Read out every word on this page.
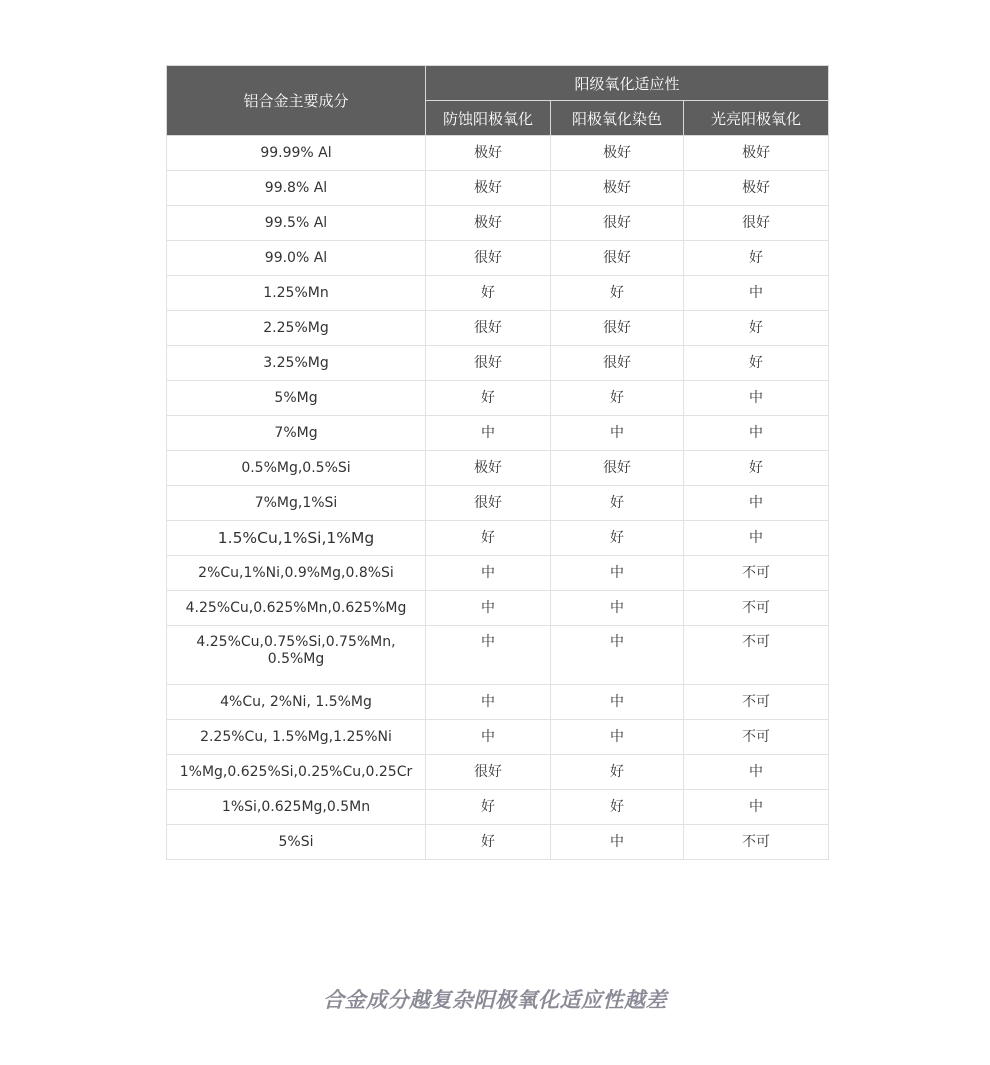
铝合金主要成分	阳级氧化适应性		
	防蚀阳极氧化	阳极氧化染色	光亮阳极氧化
99.99% Al	极好	极好	极好
99.8% Al	极好	极好	极好
99.5% Al	极好	很好	很好
99.0% Al	很好	很好	好
1.25%Mn	好	好	中
2.25%Mg	很好	很好	好
3.25%Mg	很好	很好	好
5%Mg	好	好	中
7%Mg	中	中	中
0.5%Mg,0.5%Si	极好	很好	好
7%Mg,1%Si	很好	好	中
1.5%Cu,1%Si,1%Mg	好	好	中
2%Cu,1%Ni,0.9%Mg,0.8%Si	中	中	不可
4.25%Cu,0.625%Mn,0.625%Mg	中	中	不可
4.25%Cu,0.75%Si,0.75%Mn,
0.5%Mg	中	中	不可
4%Cu, 2%Ni, 1.5%Mg	中	中	不可
2.25%Cu, 1.5%Mg,1.25%Ni	中	中	不可
1%Mg,0.625%Si,0.25%Cu,0.25Cr	很好	好	中
1%Si,0.625Mg,0.5Mn	好	好	中
5%Si	好	中	不可
合金成分越复杂阳极氧化适应性越差
